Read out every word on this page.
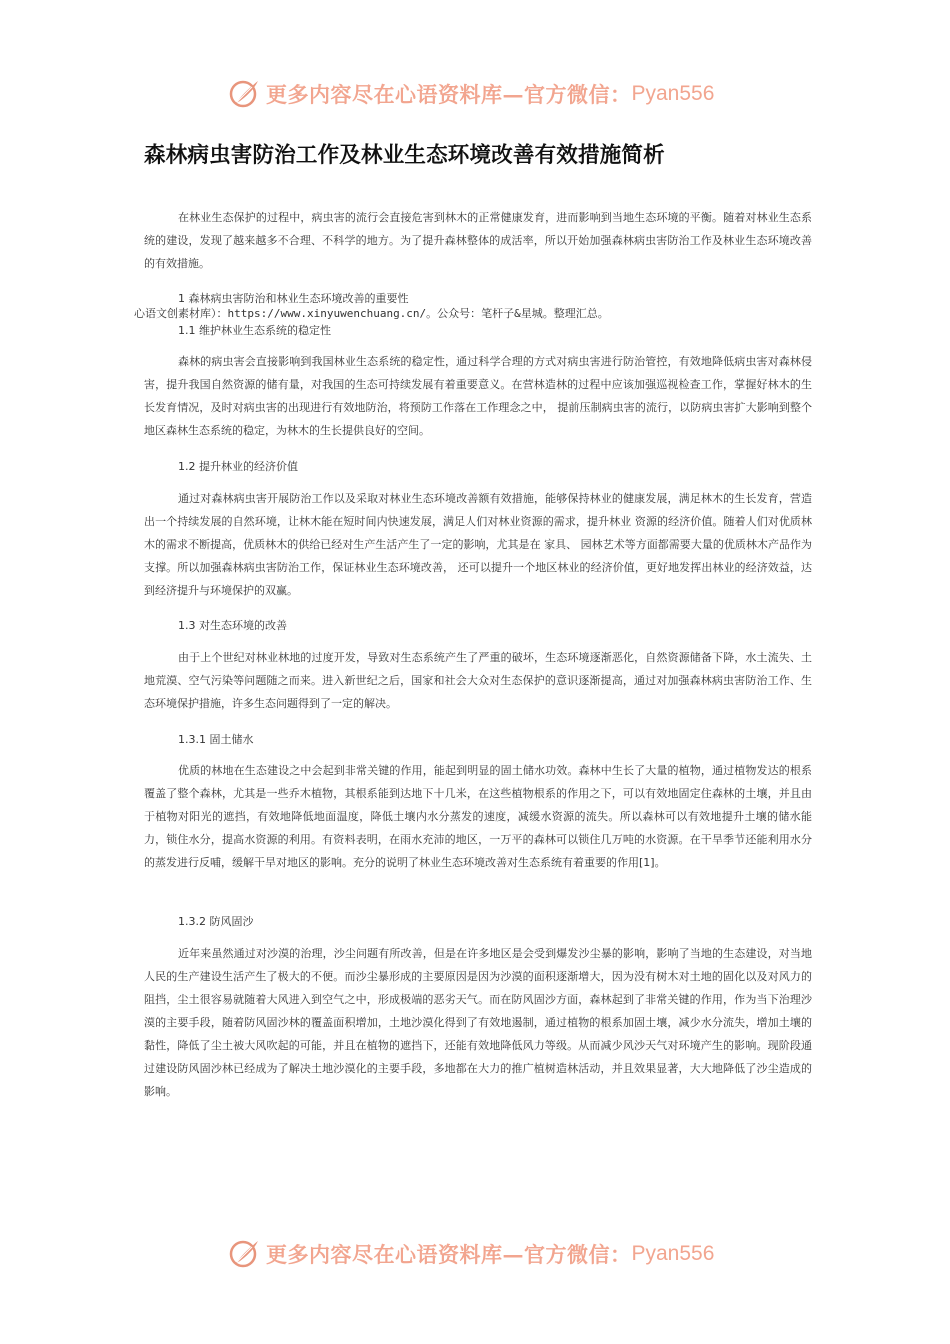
更多内容尽在心语资料库—官方微信： Pyan556
森林病虫害防治工作及林业生态环境改善有效措施简析

在林业生态保护的过程中，病虫害的流行会直接危害到林木的正常健康发育，进而影响到当地生态环境的平衡。随着对林业生态系统的建设，发现了越来越多不合理、不科学的地方。为了提升森林整体的成活率，所以开始加强森林病虫害防治工作及林业生态环境改善的有效措施。

1 森林病虫害防治和林业生态环境改善的重要性

心语文创素材库）：https://www.xinyuwenchuang.cn/。公众号：笔杆子&星城。整理汇总。

1.1 维护林业生态系统的稳定性

森林的病虫害会直接影响到我国林业生态系统的稳定性，通过科学合理的方式对病虫害进行防治管控，有效地降低病虫害对森林侵害，提升我国自然资源的储有量，对我国的生态可持续发展有着重要意义。在营林造林的过程中应该加强巡视检查工作，掌握好林木的生长发育情况，及时对病虫害的出现进行有效地防治，将预防工作落在工作理念之中， 提前压制病虫害的流行，以防病虫害扩大影响到整个地区森林生态系统的稳定，为林木的生长提供良好的空间。

1.2 提升林业的经济价值

通过对森林病虫害开展防治工作以及采取对林业生态环境改善额有效措施，能够保持林业的健康发展，满足林木的生长发育，营造出一个持续发展的自然环境，让林木能在短时间内快速发展，满足人们对林业资源的需求，提升林业 资源的经济价值。随着人们对优质林木的需求不断提高，优质林木的供给已经对生产生活产生了一定的影响，尤其是在 家具、 园林艺术等方面都需要大量的优质林木产品作为支撑。所以加强森林病虫害防治工作，保证林业生态环境改善， 还可以提升一个地区林业的经济价值，更好地发挥出林业的经济效益，达到经济提升与环境保护的双赢。

1.3 对生态环境的改善

由于上个世纪对林业林地的过度开发，导致对生态系统产生了严重的破坏，生态环境逐渐恶化，自然资源储备下降，水土流失、土地荒漠、空气污染等问题随之而来。进入新世纪之后，国家和社会大众对生态保护的意识逐渐提高，通过对加强森林病虫害防治工作、生态环境保护措施，许多生态问题得到了一定的解决。

1.3.1 固土储水

优质的林地在生态建设之中会起到非常关键的作用，能起到明显的固土储水功效。森林中生长了大量的植物，通过植物发达的根系覆盖了整个森林，尤其是一些乔木植物，其根系能到达地下十几米，在这些植物根系的作用之下，可以有效地固定住森林的土壤，并且由于植物对阳光的遮挡，有效地降低地面温度，降低土壤内水分蒸发的速度，减缓水资源的流失。所以森林可以有效地提升土壤的储水能力，锁住水分，提高水资源的利用。有资料表明，在雨水充沛的地区，一万平的森林可以锁住几万吨的水资源。在干旱季节还能利用水分的蒸发进行反哺，缓解干旱对地区的影响。充分的说明了林业生态环境改善对生态系统有着重要的作用[1]。

1.3.2 防风固沙

近年来虽然通过对沙漠的治理，沙尘问题有所改善，但是在许多地区是会受到爆发沙尘暴的影响，影响了当地的生态建设，对当地人民的生产建设生活产生了极大的不便。而沙尘暴形成的主要原因是因为沙漠的面积逐渐增大，因为没有树木对土地的固化以及对风力的阻挡，尘土很容易就随着大风进入到空气之中，形成极端的恶劣天气。而在防风固沙方面，森林起到了非常关键的作用，作为当下治理沙漠的主要手段，随着防风固沙林的覆盖面积增加，土地沙漠化得到了有效地遏制，通过植物的根系加固土壤，减少水分流失，增加土壤的黏性，降低了尘土被大风吹起的可能，并且在植物的遮挡下，还能有效地降低风力等级。从而减少风沙天气对环境产生的影响。现阶段通过建设防风固沙林已经成为了解决土地沙漠化的主要手段，多地都在大力的推广植树造林活动，并且效果显著，大大地降低了沙尘造成的影响。

更多内容尽在心语资料库—官方微信： Pyan556
